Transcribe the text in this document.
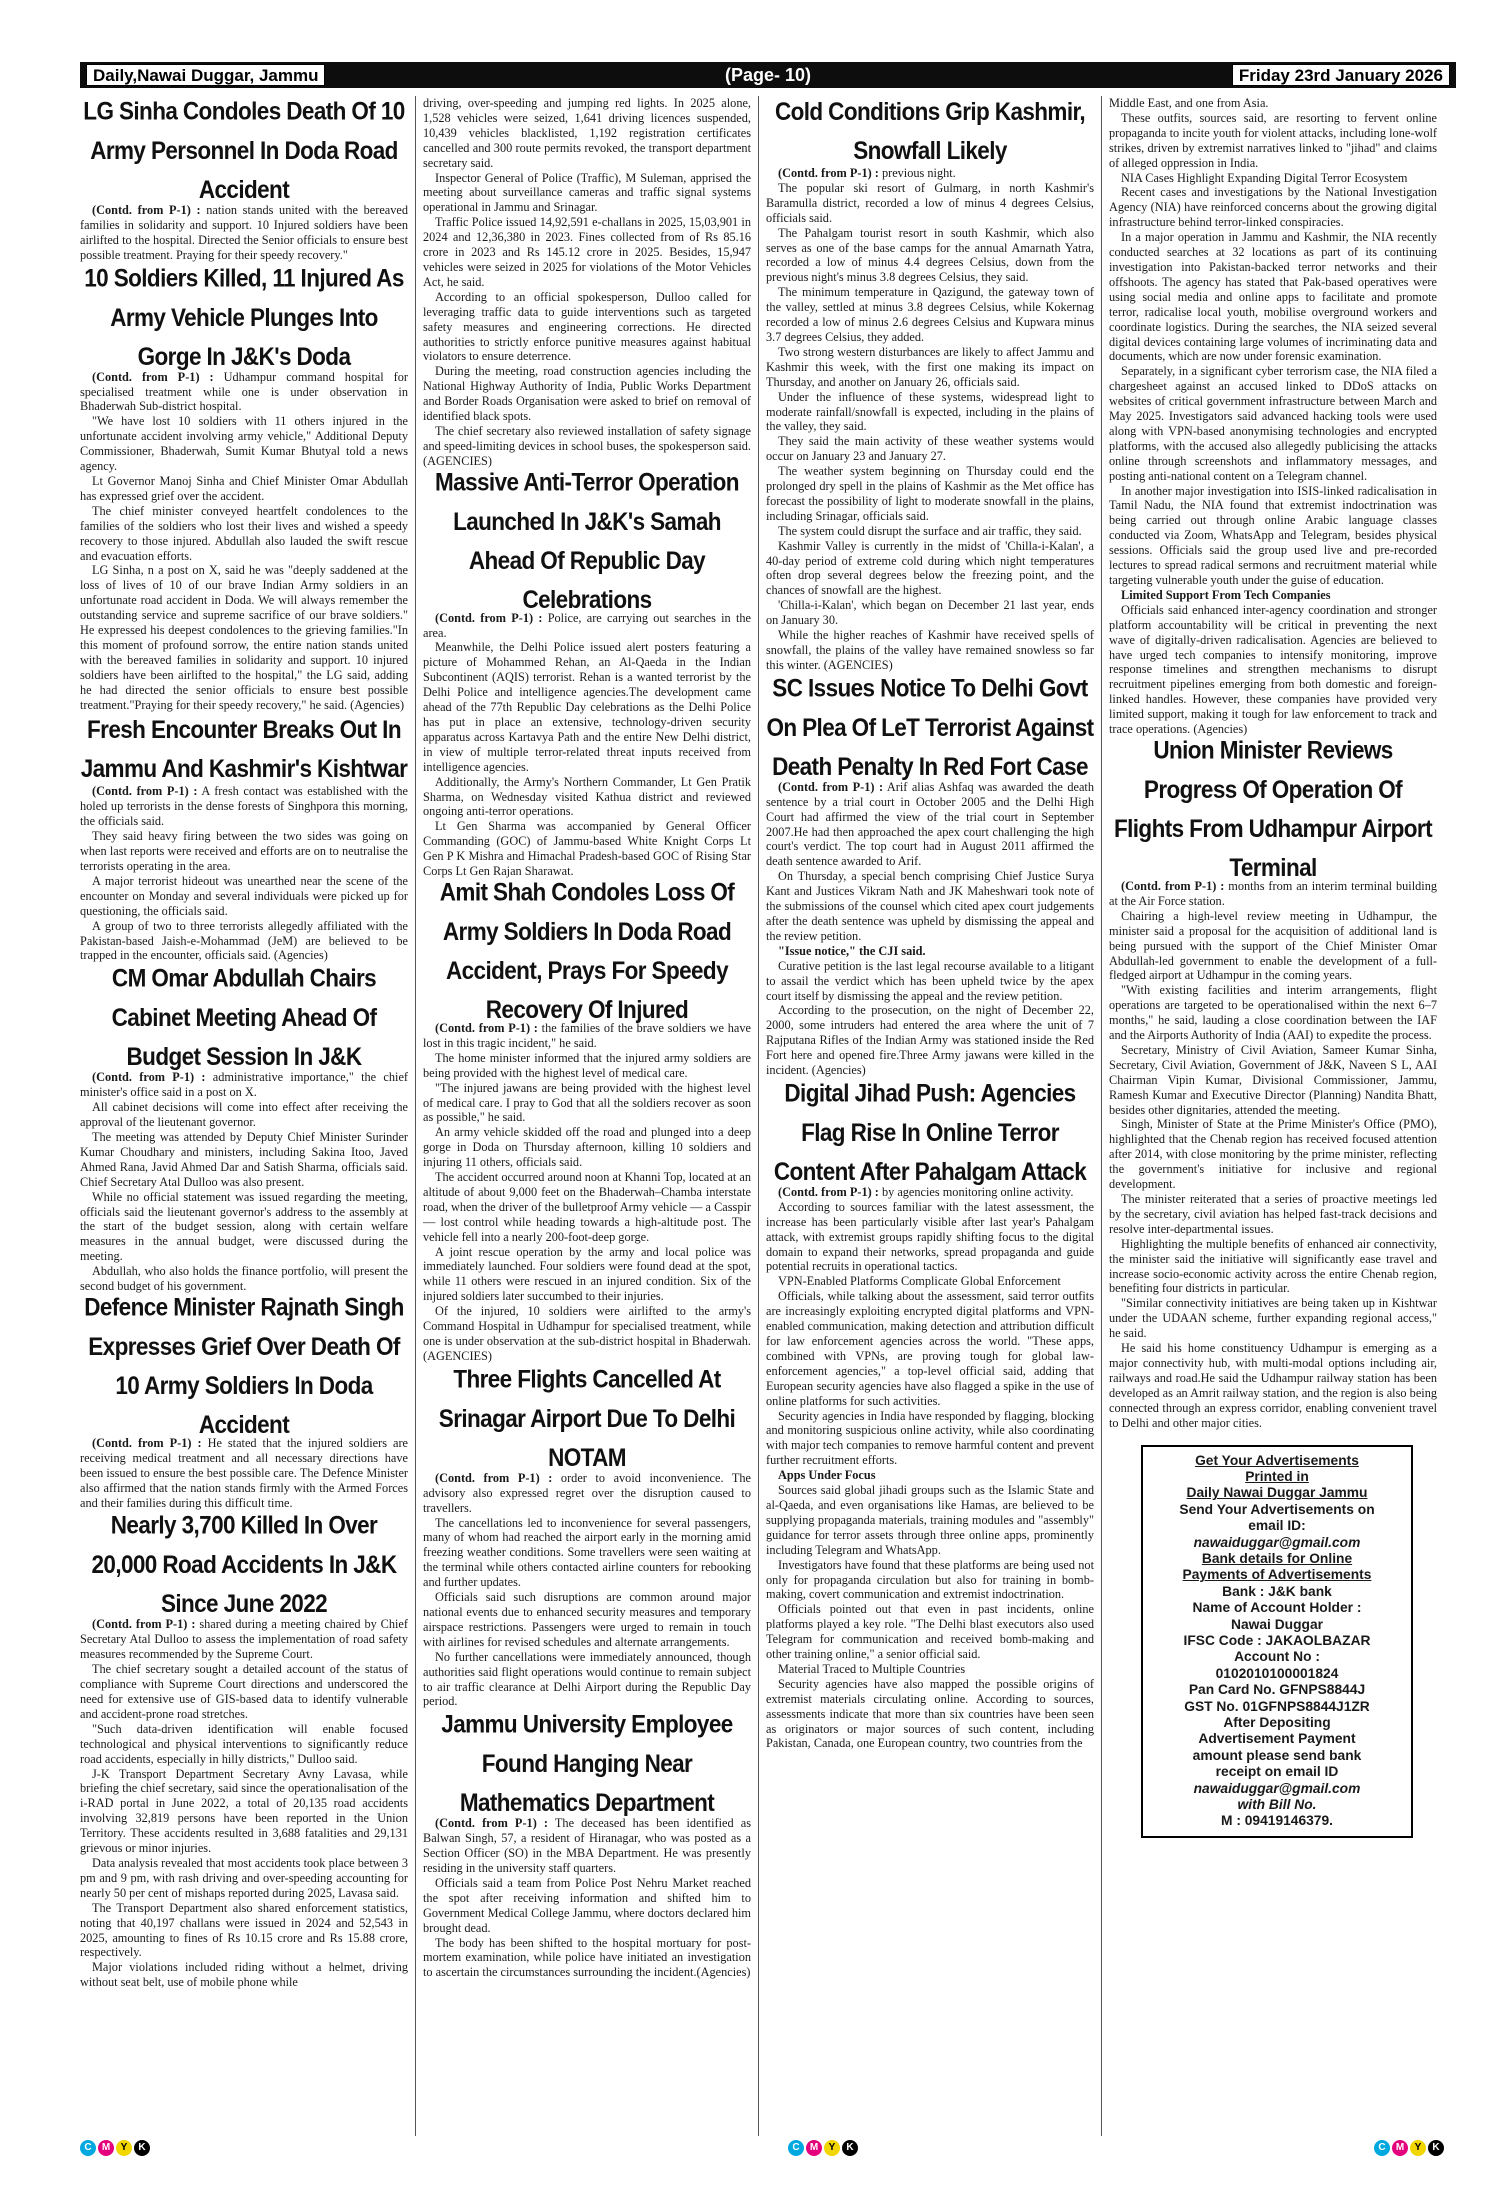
Daily,Nawai Duggar, Jammu	(Page- 10)	Friday 23rd January 2026
LG Sinha Condoles Death Of 10 Army Personnel In Doda Road Accident

(Contd. from P-1) : nation stands united with the bereaved families in solidarity and support. 10 Injured soldiers have been airlifted to the hospital. Directed the Senior officials to ensure best possible treatment. Praying for their speedy recovery."

10 Soldiers Killed, 11 Injured As Army Vehicle Plunges Into Gorge In J&K's Doda

(Contd. from P-1) : Udhampur command hospital for specialised treatment while one is under observation in Bhaderwah Sub-district hospital.

"We have lost 10 soldiers with 11 others injured in the unfortunate accident involving army vehicle," Additional Deputy Commissioner, Bhaderwah, Sumit Kumar Bhutyal told a news agency.

Lt Governor Manoj Sinha and Chief Minister Omar Abdullah has expressed grief over the accident.

The chief minister conveyed heartfelt condolences to the families of the soldiers who lost their lives and wished a speedy recovery to those injured. Abdullah also lauded the swift rescue and evacuation efforts.

LG Sinha, n a post on X, said he was "deeply saddened at the loss of lives of 10 of our brave Indian Army soldiers in an unfortunate road accident in Doda. We will always remember the outstanding service and supreme sacrifice of our brave soldiers." He expressed his deepest condolences to the grieving families."In this moment of profound sorrow, the entire nation stands united with the bereaved families in solidarity and support. 10 injured soldiers have been airlifted to the hospital," the LG said, adding he had directed the senior officials to ensure best possible treatment."Praying for their speedy recovery," he said. (Agencies)

Fresh Encounter Breaks Out In Jammu And Kashmir's Kishtwar

(Contd. from P-1) : A fresh contact was established with the holed up terrorists in the dense forests of Singhpora this morning, the officials said.

They said heavy firing between the two sides was going on when last reports were received and efforts are on to neutralise the terrorists operating in the area.

A major terrorist hideout was unearthed near the scene of the encounter on Monday and several individuals were picked up for questioning, the officials said.

A group of two to three terrorists allegedly affiliated with the Pakistan-based Jaish-e-Mohammad (JeM) are believed to be trapped in the encounter, officials said. (Agencies)

CM Omar Abdullah Chairs Cabinet Meeting Ahead Of Budget Session In J&K

(Contd. from P-1) : administrative importance," the chief minister's office said in a post on X.

All cabinet decisions will come into effect after receiving the approval of the lieutenant governor.

The meeting was attended by Deputy Chief Minister Surinder Kumar Choudhary and ministers, including Sakina Itoo, Javed Ahmed Rana, Javid Ahmed Dar and Satish Sharma, officials said. Chief Secretary Atal Dulloo was also present.

While no official statement was issued regarding the meeting, officials said the lieutenant governor's address to the assembly at the start of the budget session, along with certain welfare measures in the annual budget, were discussed during the meeting.

Abdullah, who also holds the finance portfolio, will present the second budget of his government.

Defence Minister Rajnath Singh Expresses Grief Over Death Of 10 Army Soldiers In Doda Accident

(Contd. from P-1) : He stated that the injured soldiers are receiving medical treatment and all necessary directions have been issued to ensure the best possible care. The Defence Minister also affirmed that the nation stands firmly with the Armed Forces and their families during this difficult time.

Nearly 3,700 Killed In Over 20,000 Road Accidents In J&K Since June 2022

(Contd. from P-1) : shared during a meeting chaired by Chief Secretary Atal Dulloo to assess the implementation of road safety measures recommended by the Supreme Court.

The chief secretary sought a detailed account of the status of compliance with Supreme Court directions and underscored the need for extensive use of GIS-based data to identify vulnerable and accident-prone road stretches.

"Such data-driven identification will enable focused technological and physical interventions to significantly reduce road accidents, especially in hilly districts," Dulloo said.

J-K Transport Department Secretary Avny Lavasa, while briefing the chief secretary, said since the operationalisation of the i-RAD portal in June 2022, a total of 20,135 road accidents involving 32,819 persons have been reported in the Union Territory. These accidents resulted in 3,688 fatalities and 29,131 grievous or minor injuries.

Data analysis revealed that most accidents took place between 3 pm and 9 pm, with rash driving and over-speeding accounting for nearly 50 per cent of mishaps reported during 2025, Lavasa said.

The Transport Department also shared enforcement statistics, noting that 40,197 challans were issued in 2024 and 52,543 in 2025, amounting to fines of Rs 10.15 crore and Rs 15.88 crore, respectively.

Major violations included riding without a helmet, driving without seat belt, use of mobile phone while

driving, over-speeding and jumping red lights. In 2025 alone, 1,528 vehicles were seized, 1,641 driving licences suspended, 10,439 vehicles blacklisted, 1,192 registration certificates cancelled and 300 route permits revoked, the transport department secretary said.

Inspector General of Police (Traffic), M Suleman, apprised the meeting about surveillance cameras and traffic signal systems operational in Jammu and Srinagar.

Traffic Police issued 14,92,591 e-challans in 2025, 15,03,901 in 2024 and 12,36,380 in 2023. Fines collected from of Rs 85.16 crore in 2023 and Rs 145.12 crore in 2025. Besides, 15,947 vehicles were seized in 2025 for violations of the Motor Vehicles Act, he said.

According to an official spokesperson, Dulloo called for leveraging traffic data to guide interventions such as targeted safety measures and engineering corrections. He directed authorities to strictly enforce punitive measures against habitual violators to ensure deterrence.

During the meeting, road construction agencies including the National Highway Authority of India, Public Works Department and Border Roads Organisation were asked to brief on removal of identified black spots.

The chief secretary also reviewed installation of safety signage and speed-limiting devices in school buses, the spokesperson said. (AGENCIES)

Massive Anti-Terror Operation Launched In J&K's Samah Ahead Of Republic Day Celebrations

(Contd. from P-1) : Police, are carrying out searches in the area.

Meanwhile, the Delhi Police issued alert posters featuring a picture of Mohammed Rehan, an Al-Qaeda in the Indian Subcontinent (AQIS) terrorist. Rehan is a wanted terrorist by the Delhi Police and intelligence agencies.The development came ahead of the 77th Republic Day celebrations as the Delhi Police has put in place an extensive, technology-driven security apparatus across Kartavya Path and the entire New Delhi district, in view of multiple terror-related threat inputs received from intelligence agencies.

Additionally, the Army's Northern Commander, Lt Gen Pratik Sharma, on Wednesday visited Kathua district and reviewed ongoing anti-terror operations.

Lt Gen Sharma was accompanied by General Officer Commanding (GOC) of Jammu-based White Knight Corps Lt Gen P K Mishra and Himachal Pradesh-based GOC of Rising Star Corps Lt Gen Rajan Sharawat.

Amit Shah Condoles Loss Of Army Soldiers In Doda Road Accident, Prays For Speedy Recovery Of Injured

(Contd. from P-1) : the families of the brave soldiers we have lost in this tragic incident," he said.

The home minister informed that the injured army soldiers are being provided with the highest level of medical care.

"The injured jawans are being provided with the highest level of medical care. I pray to God that all the soldiers recover as soon as possible," he said.

An army vehicle skidded off the road and plunged into a deep gorge in Doda on Thursday afternoon, killing 10 soldiers and injuring 11 others, officials said.

The accident occurred around noon at Khanni Top, located at an altitude of about 9,000 feet on the Bhaderwah–Chamba interstate road, when the driver of the bulletproof Army vehicle — a Casspir — lost control while heading towards a high-altitude post. The vehicle fell into a nearly 200-foot-deep gorge.

A joint rescue operation by the army and local police was immediately launched. Four soldiers were found dead at the spot, while 11 others were rescued in an injured condition. Six of the injured soldiers later succumbed to their injuries.

Of the injured, 10 soldiers were airlifted to the army's Command Hospital in Udhampur for specialised treatment, while one is under observation at the sub-district hospital in Bhaderwah. (AGENCIES)

Three Flights Cancelled At Srinagar Airport Due To Delhi NOTAM

(Contd. from P-1) : order to avoid inconvenience. The advisory also expressed regret over the disruption caused to travellers.

The cancellations led to inconvenience for several passengers, many of whom had reached the airport early in the morning amid freezing weather conditions. Some travellers were seen waiting at the terminal while others contacted airline counters for rebooking and further updates.

Officials said such disruptions are common around major national events due to enhanced security measures and temporary airspace restrictions. Passengers were urged to remain in touch with airlines for revised schedules and alternate arrangements.

No further cancellations were immediately announced, though authorities said flight operations would continue to remain subject to air traffic clearance at Delhi Airport during the Republic Day period.

Jammu University Employee Found Hanging Near Mathematics Department

(Contd. from P-1) : The deceased has been identified as Balwan Singh, 57, a resident of Hiranagar, who was posted as a Section Officer (SO) in the MBA Department. He was presently residing in the university staff quarters.

Officials said a team from Police Post Nehru Market reached the spot after receiving information and shifted him to Government Medical College Jammu, where doctors declared him brought dead.

The body has been shifted to the hospital mortuary for post-mortem examination, while police have initiated an investigation to ascertain the circumstances surrounding the incident.(Agencies)

Cold Conditions Grip Kashmir, Snowfall Likely

(Contd. from P-1) : previous night.

The popular ski resort of Gulmarg, in north Kashmir's Baramulla district, recorded a low of minus 4 degrees Celsius, officials said.

The Pahalgam tourist resort in south Kashmir, which also serves as one of the base camps for the annual Amarnath Yatra, recorded a low of minus 4.4 degrees Celsius, down from the previous night's minus 3.8 degrees Celsius, they said.

The minimum temperature in Qazigund, the gateway town of the valley, settled at minus 3.8 degrees Celsius, while Kokernag recorded a low of minus 2.6 degrees Celsius and Kupwara minus 3.7 degrees Celsius, they added.

Two strong western disturbances are likely to affect Jammu and Kashmir this week, with the first one making its impact on Thursday, and another on January 26, officials said.

Under the influence of these systems, widespread light to moderate rainfall/snowfall is expected, including in the plains of the valley, they said.

They said the main activity of these weather systems would occur on January 23 and January 27.

The weather system beginning on Thursday could end the prolonged dry spell in the plains of Kashmir as the Met office has forecast the possibility of light to moderate snowfall in the plains, including Srinagar, officials said.

The system could disrupt the surface and air traffic, they said.

Kashmir Valley is currently in the midst of 'Chilla-i-Kalan', a 40-day period of extreme cold during which night temperatures often drop several degrees below the freezing point, and the chances of snowfall are the highest.

'Chilla-i-Kalan', which began on December 21 last year, ends on January 30.

While the higher reaches of Kashmir have received spells of snowfall, the plains of the valley have remained snowless so far this winter. (AGENCIES)

SC Issues Notice To Delhi Govt On Plea Of LeT Terrorist Against Death Penalty In Red Fort Case

(Contd. from P-1) : Arif alias Ashfaq was awarded the death sentence by a trial court in October 2005 and the Delhi High Court had affirmed the view of the trial court in September 2007.He had then approached the apex court challenging the high court's verdict. The top court had in August 2011 affirmed the death sentence awarded to Arif.

On Thursday, a special bench comprising Chief Justice Surya Kant and Justices Vikram Nath and JK Maheshwari took note of the submissions of the counsel which cited apex court judgements after the death sentence was upheld by dismissing the appeal and the review petition.

"Issue notice," the CJI said.

Curative petition is the last legal recourse available to a litigant to assail the verdict which has been upheld twice by the apex court itself by dismissing the appeal and the review petition.

According to the prosecution, on the night of December 22, 2000, some intruders had entered the area where the unit of 7 Rajputana Rifles of the Indian Army was stationed inside the Red Fort here and opened fire.Three Army jawans were killed in the incident. (Agencies)

Digital Jihad Push: Agencies Flag Rise In Online Terror Content After Pahalgam Attack

(Contd. from P-1) : by agencies monitoring online activity.

According to sources familiar with the latest assessment, the increase has been particularly visible after last year's Pahalgam attack, with extremist groups rapidly shifting focus to the digital domain to expand their networks, spread propaganda and guide potential recruits in operational tactics.

VPN-Enabled Platforms Complicate Global Enforcement

Officials, while talking about the assessment, said terror outfits are increasingly exploiting encrypted digital platforms and VPN-enabled communication, making detection and attribution difficult for law enforcement agencies across the world. "These apps, combined with VPNs, are proving tough for global law-enforcement agencies," a top-level official said, adding that European security agencies have also flagged a spike in the use of online platforms for such activities.

Security agencies in India have responded by flagging, blocking and monitoring suspicious online activity, while also coordinating with major tech companies to remove harmful content and prevent further recruitment efforts.

Apps Under Focus

Sources said global jihadi groups such as the Islamic State and al-Qaeda, and even organisations like Hamas, are believed to be supplying propaganda materials, training modules and "assembly" guidance for terror assets through three online apps, prominently including Telegram and WhatsApp.

Investigators have found that these platforms are being used not only for propaganda circulation but also for training in bomb-making, covert communication and extremist indoctrination.

Officials pointed out that even in past incidents, online platforms played a key role. "The Delhi blast executors also used Telegram for communication and received bomb-making and other training online," a senior official said.

Material Traced to Multiple Countries

Security agencies have also mapped the possible origins of extremist materials circulating online. According to sources, assessments indicate that more than six countries have been seen as originators or major sources of such content, including Pakistan, Canada, one European country, two countries from the

Middle East, and one from Asia.

These outfits, sources said, are resorting to fervent online propaganda to incite youth for violent attacks, including lone-wolf strikes, driven by extremist narratives linked to "jihad" and claims of alleged oppression in India.

NIA Cases Highlight Expanding Digital Terror Ecosystem

Recent cases and investigations by the National Investigation Agency (NIA) have reinforced concerns about the growing digital infrastructure behind terror-linked conspiracies.

In a major operation in Jammu and Kashmir, the NIA recently conducted searches at 32 locations as part of its continuing investigation into Pakistan-backed terror networks and their offshoots. The agency has stated that Pak-based operatives were using social media and online apps to facilitate and promote terror, radicalise local youth, mobilise overground workers and coordinate logistics. During the searches, the NIA seized several digital devices containing large volumes of incriminating data and documents, which are now under forensic examination.

Separately, in a significant cyber terrorism case, the NIA filed a chargesheet against an accused linked to DDoS attacks on websites of critical government infrastructure between March and May 2025. Investigators said advanced hacking tools were used along with VPN-based anonymising technologies and encrypted platforms, with the accused also allegedly publicising the attacks online through screenshots and inflammatory messages, and posting anti-national content on a Telegram channel.

In another major investigation into ISIS-linked radicalisation in Tamil Nadu, the NIA found that extremist indoctrination was being carried out through online Arabic language classes conducted via Zoom, WhatsApp and Telegram, besides physical sessions. Officials said the group used live and pre-recorded lectures to spread radical sermons and recruitment material while targeting vulnerable youth under the guise of education.

Limited Support From Tech Companies

Officials said enhanced inter-agency coordination and stronger platform accountability will be critical in preventing the next wave of digitally-driven radicalisation. Agencies are believed to have urged tech companies to intensify monitoring, improve response timelines and strengthen mechanisms to disrupt recruitment pipelines emerging from both domestic and foreign-linked handles. However, these companies have provided very limited support, making it tough for law enforcement to track and trace operations. (Agencies)

Union Minister Reviews Progress Of Operation Of Flights From Udhampur Airport Terminal

(Contd. from P-1) : months from an interim terminal building at the Air Force station.

Chairing a high-level review meeting in Udhampur, the minister said a proposal for the acquisition of additional land is being pursued with the support of the Chief Minister Omar Abdullah-led government to enable the development of a full-fledged airport at Udhampur in the coming years.

"With existing facilities and interim arrangements, flight operations are targeted to be operationalised within the next 6–7 months," he said, lauding a close coordination between the IAF and the Airports Authority of India (AAI) to expedite the process.

Secretary, Ministry of Civil Aviation, Sameer Kumar Sinha, Secretary, Civil Aviation, Government of J&K, Naveen S L, AAI Chairman Vipin Kumar, Divisional Commissioner, Jammu, Ramesh Kumar and Executive Director (Planning) Nandita Bhatt, besides other dignitaries, attended the meeting.

Singh, Minister of State at the Prime Minister's Office (PMO), highlighted that the Chenab region has received focused attention after 2014, with close monitoring by the prime minister, reflecting the government's initiative for inclusive and regional development.

The minister reiterated that a series of proactive meetings led by the secretary, civil aviation has helped fast-track decisions and resolve inter-departmental issues.

Highlighting the multiple benefits of enhanced air connectivity, the minister said the initiative will significantly ease travel and increase socio-economic activity across the entire Chenab region, benefiting four districts in particular.

"Similar connectivity initiatives are being taken up in Kishtwar under the UDAAN scheme, further expanding regional access," he said.

He said his home constituency Udhampur is emerging as a major connectivity hub, with multi-modal options including air, railways and road.He said the Udhampur railway station has been developed as an Amrit railway station, and the region is also being connected through an express corridor, enabling convenient travel to Delhi and other major cities.

Get Your Advertisements
Printed in
Daily Nawai Duggar Jammu
Send Your Advertisements on
email ID:
nawaiduggar@gmail.com
Bank details for Online
Payments of Advertisements
Bank : J&K bank
Name of Account Holder :
Nawai Duggar
IFSC Code : JAKAOLBAZAR
Account No :
0102010100001824
Pan Card No. GFNPS8844J
GST No. 01GFNPS8844J1ZR
After Depositing
Advertisement Payment
amount please send bank
receipt on email ID
nawaiduggar@gmail.com
with Bill No.
M : 09419146379.
C	M	Y	K	C	M	Y	K	C	M	Y	K
